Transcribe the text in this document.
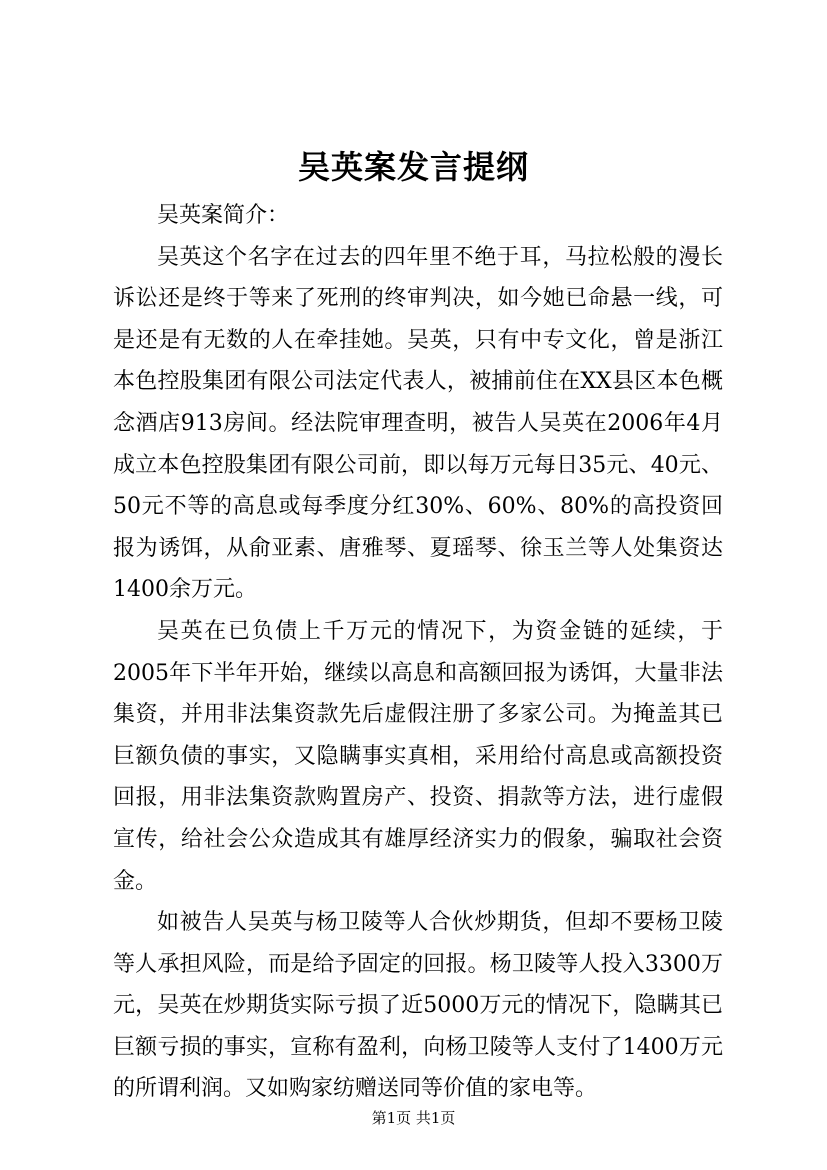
吴英案发言提纲

吴英案简介：

吴英这个名字在过去的四年里不绝于耳，马拉松般的漫长诉讼还是终于等来了死刑的终审判决，如今她已命悬一线，可是还是有无数的人在牵挂她。吴英，只有中专文化，曾是浙江本色控股集团有限公司法定代表人，被捕前住在XX县区本色概念酒店913房间。经法院审理查明，被告人吴英在2006年4月成立本色控股集团有限公司前，即以每万元每日35元、40元、50元不等的高息或每季度分红30%、60%、80%的高投资回报为诱饵，从俞亚素、唐雅琴、夏瑶琴、徐玉兰等人处集资达1400余万元。

吴英在已负债上千万元的情况下，为资金链的延续，于2005年下半年开始，继续以高息和高额回报为诱饵，大量非法集资，并用非法集资款先后虚假注册了多家公司。为掩盖其已巨额负债的事实，又隐瞒事实真相，采用给付高息或高额投资回报，用非法集资款购置房产、投资、捐款等方法，进行虚假宣传，给社会公众造成其有雄厚经济实力的假象，骗取社会资金。

如被告人吴英与杨卫陵等人合伙炒期货，但却不要杨卫陵等人承担风险，而是给予固定的回报。杨卫陵等人投入3300万元，吴英在炒期货实际亏损了近5000万元的情况下，隐瞒其已巨额亏损的事实，宣称有盈利，向杨卫陵等人支付了1400万元的所谓利润。又如购家纺赠送同等价值的家电等。

第1页 共1页
